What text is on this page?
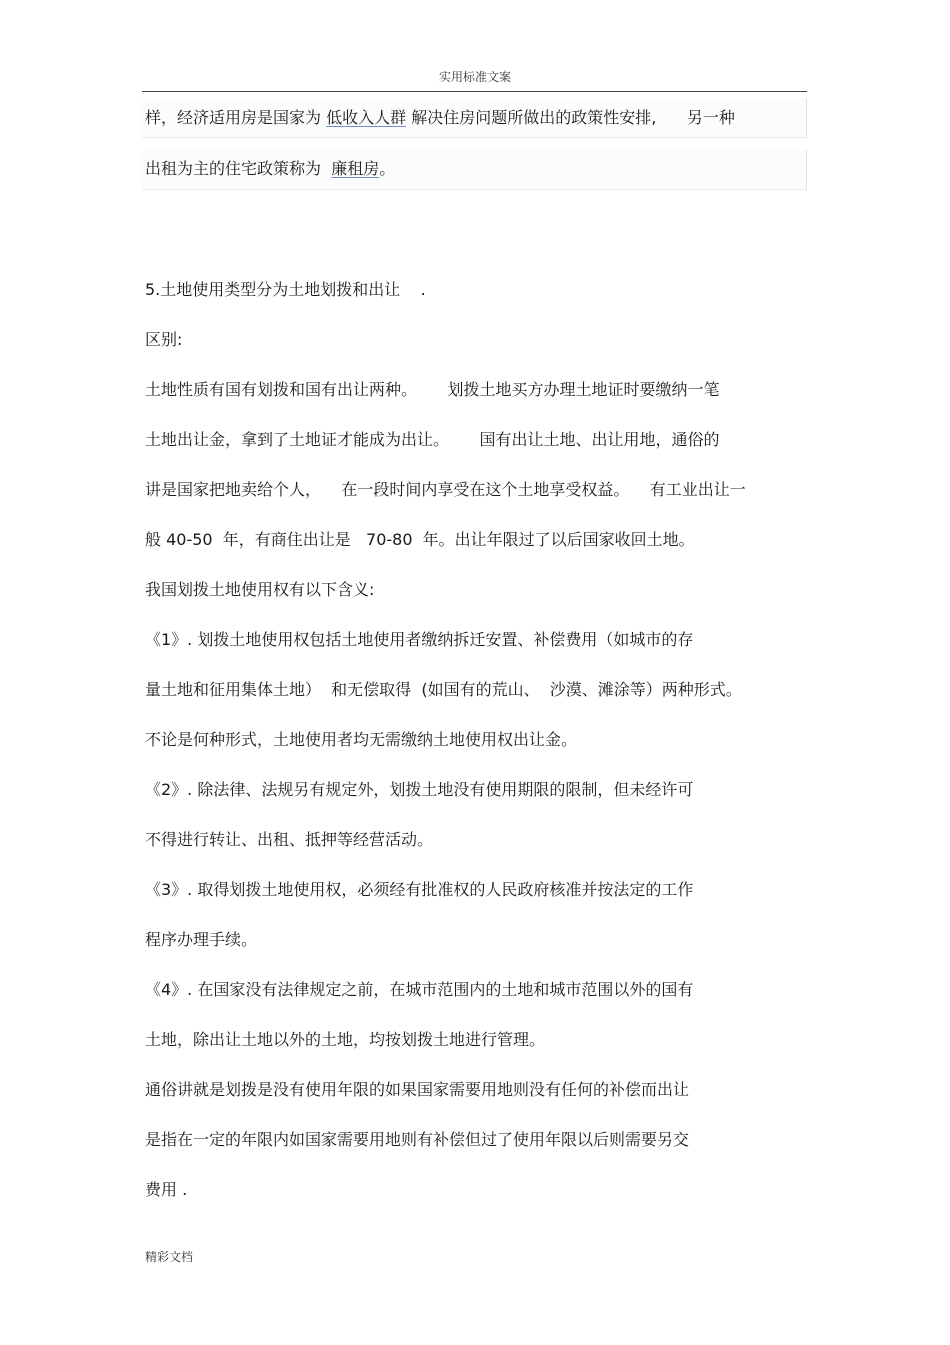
实用标准文案
样，经济适用房是国家为 低收入人群 解决住房问题所做出的政策性安排, 另一种
出租为主的住宅政策称为 廉租房。
5.土地使用类型分为土地划拨和出让    .
区别:
土地性质有国有划拨和国有出让两种。      划拨土地买方办理土地证时要缴纳一笔
土地出让金，拿到了土地证才能成为出让。      国有出让土地、出让用地，通俗的
讲是国家把地卖给个人，    在一段时间内享受在这个土地享受权益。    有工业出让一
般 40-50  年，有商住出让是   70-80  年。出让年限过了以后国家收回土地。
我国划拨土地使用权有以下含义:
《1》. 划拨土地使用权包括土地使用者缴纳拆迁安置、补偿费用（如城市的存
量土地和征用集体土地）  和无偿取得  (如国有的荒山、  沙漠、滩涂等）两种形式。
不论是何种形式，土地使用者均无需缴纳土地使用权出让金。
《2》. 除法律、法规另有规定外，划拨土地没有使用期限的限制，但未经许可
不得进行转让、出租、抵押等经营活动。
《3》. 取得划拨土地使用权，必须经有批准权的人民政府核准并按法定的工作
程序办理手续。
《4》. 在国家没有法律规定之前，在城市范围内的土地和城市范围以外的国有
土地，除出让土地以外的土地，均按划拨土地进行管理。
通俗讲就是划拨是没有使用年限的如果国家需要用地则没有任何的补偿而出让
是指在一定的年限内如国家需要用地则有补偿但过了使用年限以后则需要另交
费用 .
精彩文档
